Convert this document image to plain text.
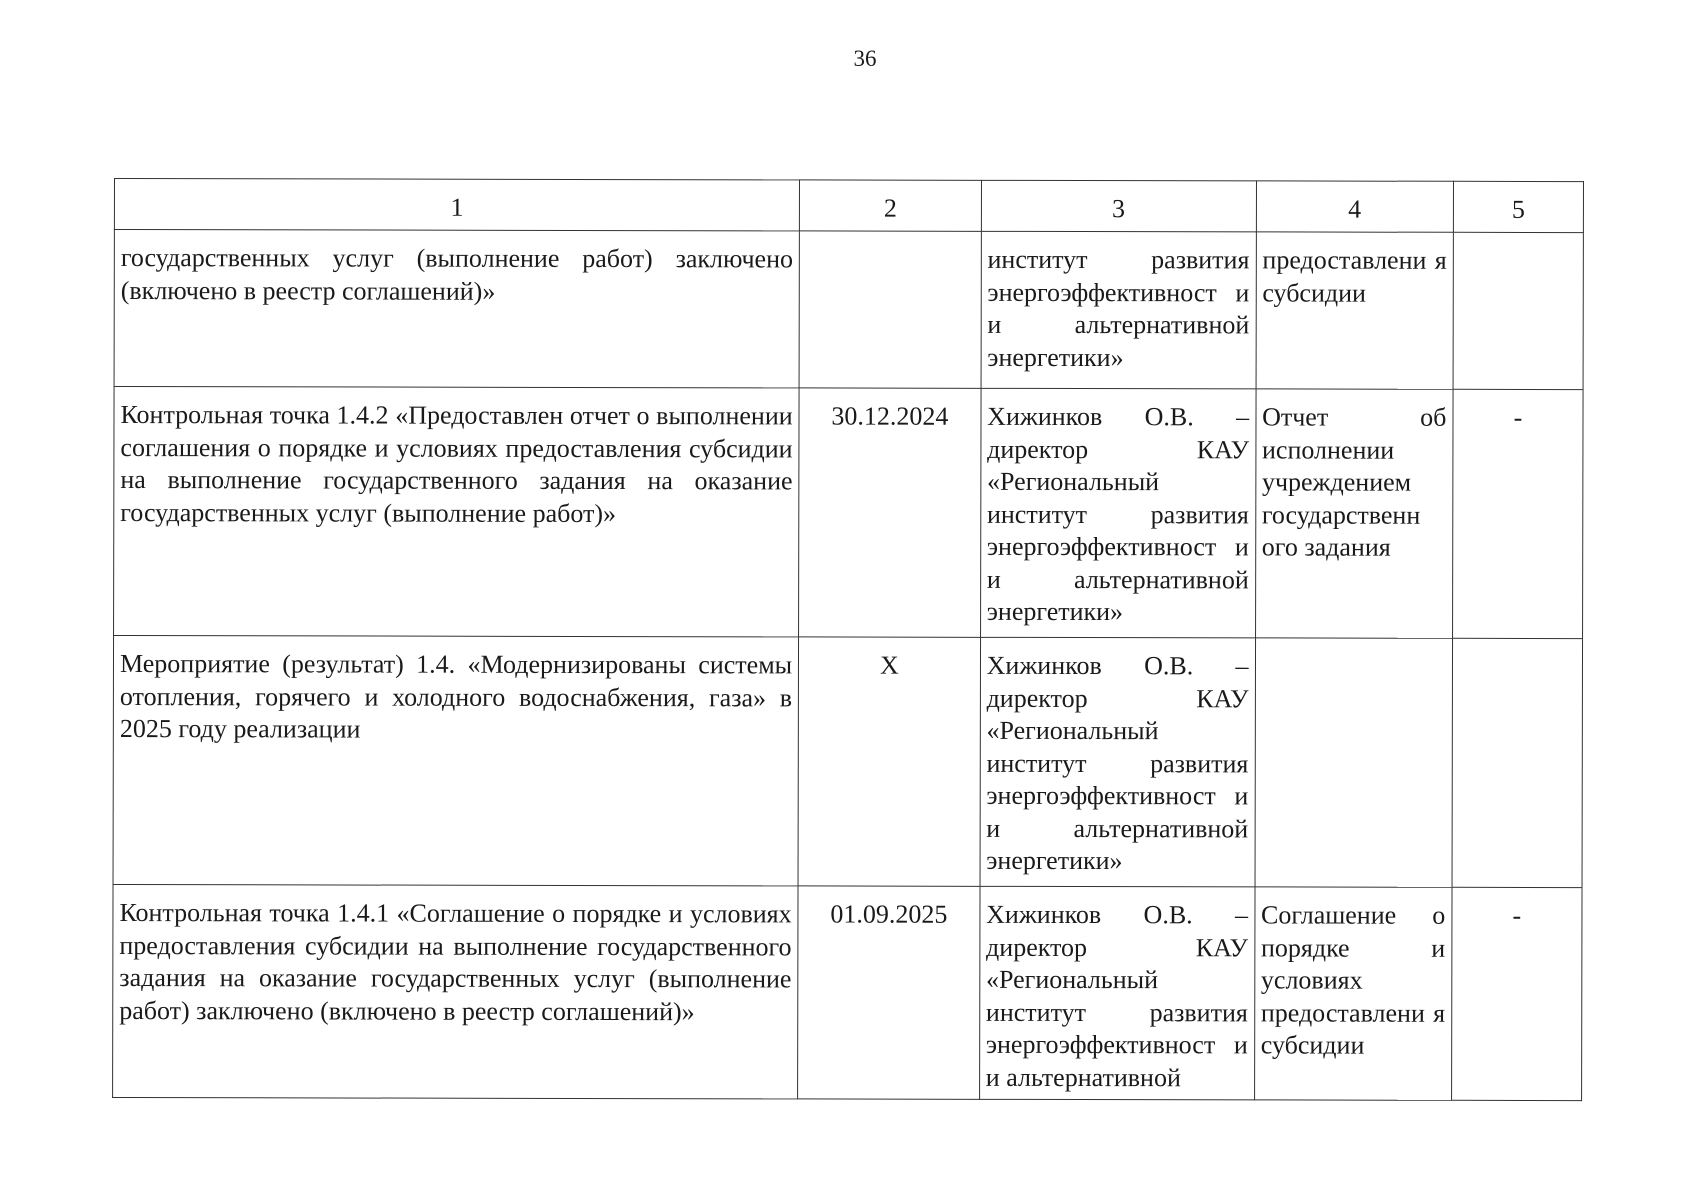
36
1	2	3	4	5
государственных услуг (выполнение работ) заключено (включено в реестр соглашений)»		институт развития энергоэффективност и и альтернативной энергетики»	предоставлени я субсидии	
Контрольная точка 1.4.2 «Предоставлен отчет о выполнении соглашения о порядке и условиях предоставления субсидии на выполнение государственного задания на оказание государственных услуг (выполнение работ)»	30.12.2024	Хижинков О.В. – директор КАУ «Региональный институт развития энергоэффективност и и альтернативной энергетики»	Отчет об исполнении учреждением государственн ого задания	-
Мероприятие (результат) 1.4. «Модернизированы системы отопления, горячего и холодного водоснабжения, газа» в 2025 году реализации	Х	Хижинков О.В. – директор КАУ «Региональный институт развития энергоэффективност и и альтернативной энергетики»		
Контрольная точка 1.4.1 «Соглашение о порядке и условиях предоставления субсидии на выполнение государственного задания на оказание государственных услуг (выполнение работ) заключено (включено в реестр соглашений)»	01.09.2025	Хижинков О.В. – директор КАУ «Региональный институт развития энергоэффективност и и альтернативной	Соглашение о порядке и условиях предоставлени я субсидии	-
